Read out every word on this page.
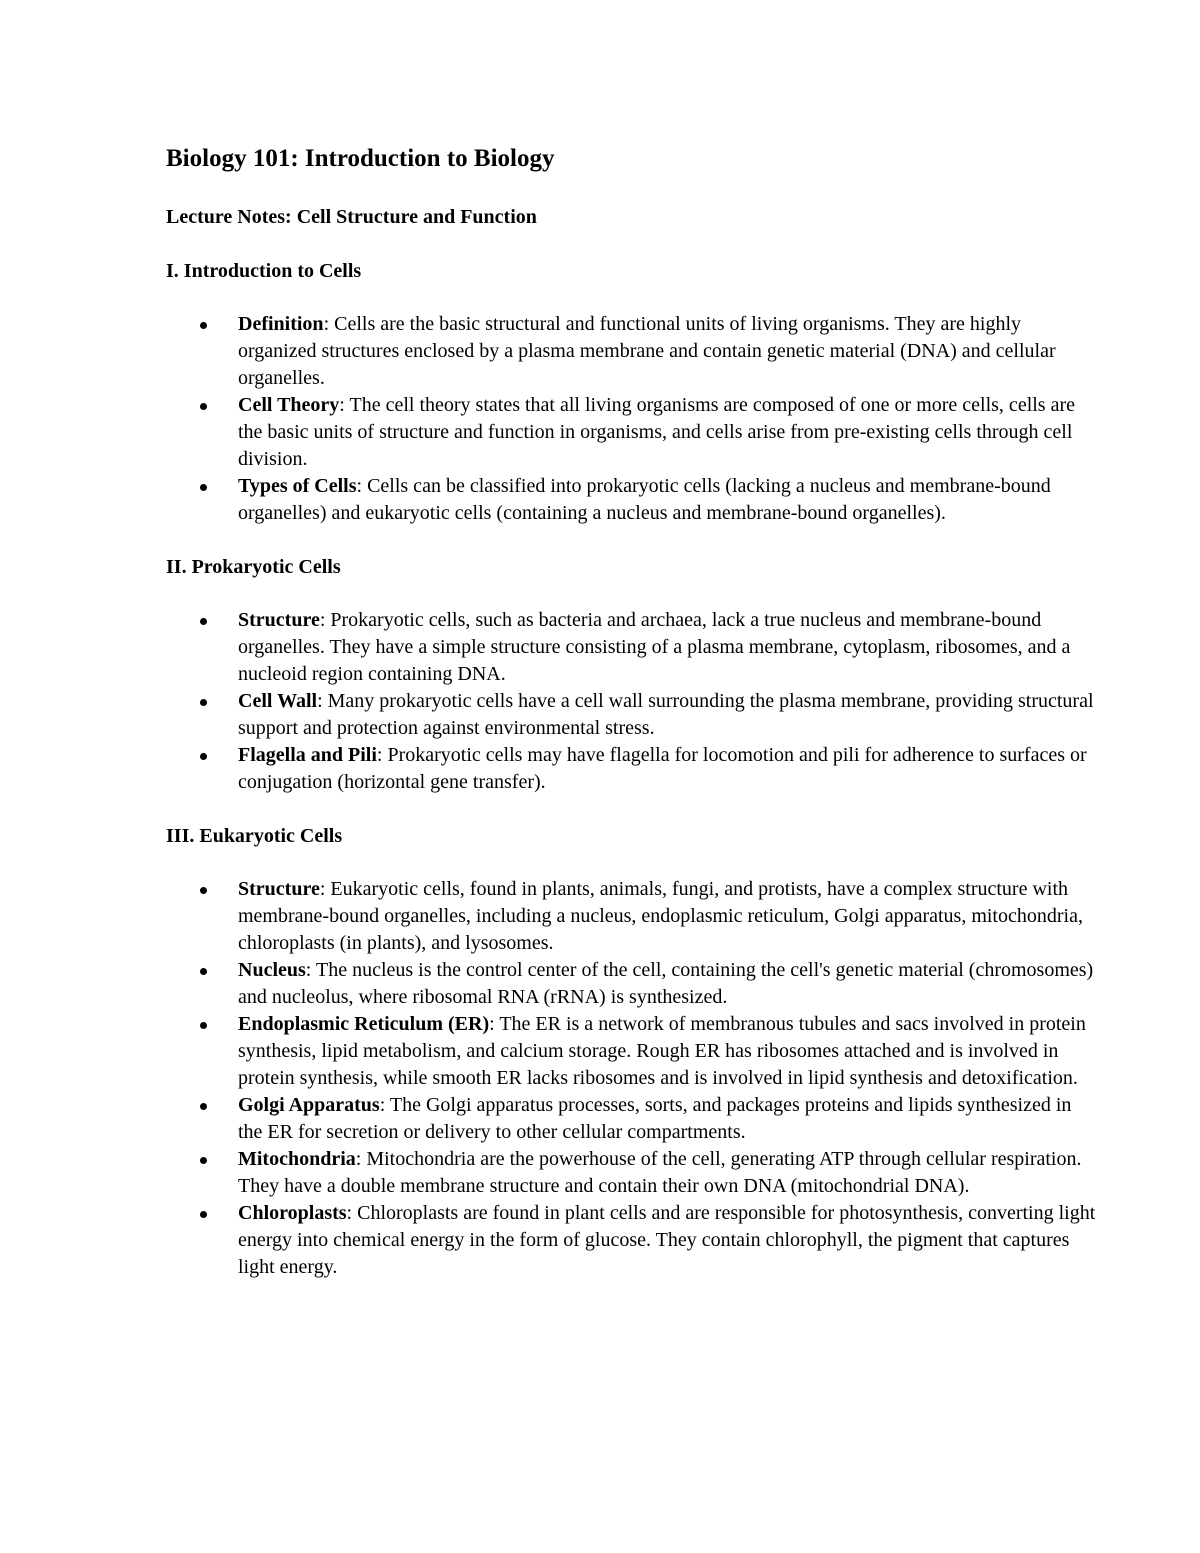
Biology 101: Introduction to Biology
Lecture Notes: Cell Structure and Function
I. Introduction to Cells
Definition: Cells are the basic structural and functional units of living organisms. They are highly organized structures enclosed by a plasma membrane and contain genetic material (DNA) and cellular organelles.
Cell Theory: The cell theory states that all living organisms are composed of one or more cells, cells are the basic units of structure and function in organisms, and cells arise from pre-existing cells through cell division.
Types of Cells: Cells can be classified into prokaryotic cells (lacking a nucleus and membrane-bound organelles) and eukaryotic cells (containing a nucleus and membrane-bound organelles).
II. Prokaryotic Cells
Structure: Prokaryotic cells, such as bacteria and archaea, lack a true nucleus and membrane-bound organelles. They have a simple structure consisting of a plasma membrane, cytoplasm, ribosomes, and a nucleoid region containing DNA.
Cell Wall: Many prokaryotic cells have a cell wall surrounding the plasma membrane, providing structural support and protection against environmental stress.
Flagella and Pili: Prokaryotic cells may have flagella for locomotion and pili for adherence to surfaces or conjugation (horizontal gene transfer).
III. Eukaryotic Cells
Structure: Eukaryotic cells, found in plants, animals, fungi, and protists, have a complex structure with membrane-bound organelles, including a nucleus, endoplasmic reticulum, Golgi apparatus, mitochondria, chloroplasts (in plants), and lysosomes.
Nucleus: The nucleus is the control center of the cell, containing the cell's genetic material (chromosomes) and nucleolus, where ribosomal RNA (rRNA) is synthesized.
Endoplasmic Reticulum (ER): The ER is a network of membranous tubules and sacs involved in protein synthesis, lipid metabolism, and calcium storage. Rough ER has ribosomes attached and is involved in protein synthesis, while smooth ER lacks ribosomes and is involved in lipid synthesis and detoxification.
Golgi Apparatus: The Golgi apparatus processes, sorts, and packages proteins and lipids synthesized in the ER for secretion or delivery to other cellular compartments.
Mitochondria: Mitochondria are the powerhouse of the cell, generating ATP through cellular respiration. They have a double membrane structure and contain their own DNA (mitochondrial DNA).
Chloroplasts: Chloroplasts are found in plant cells and are responsible for photosynthesis, converting light energy into chemical energy in the form of glucose. They contain chlorophyll, the pigment that captures light energy.
